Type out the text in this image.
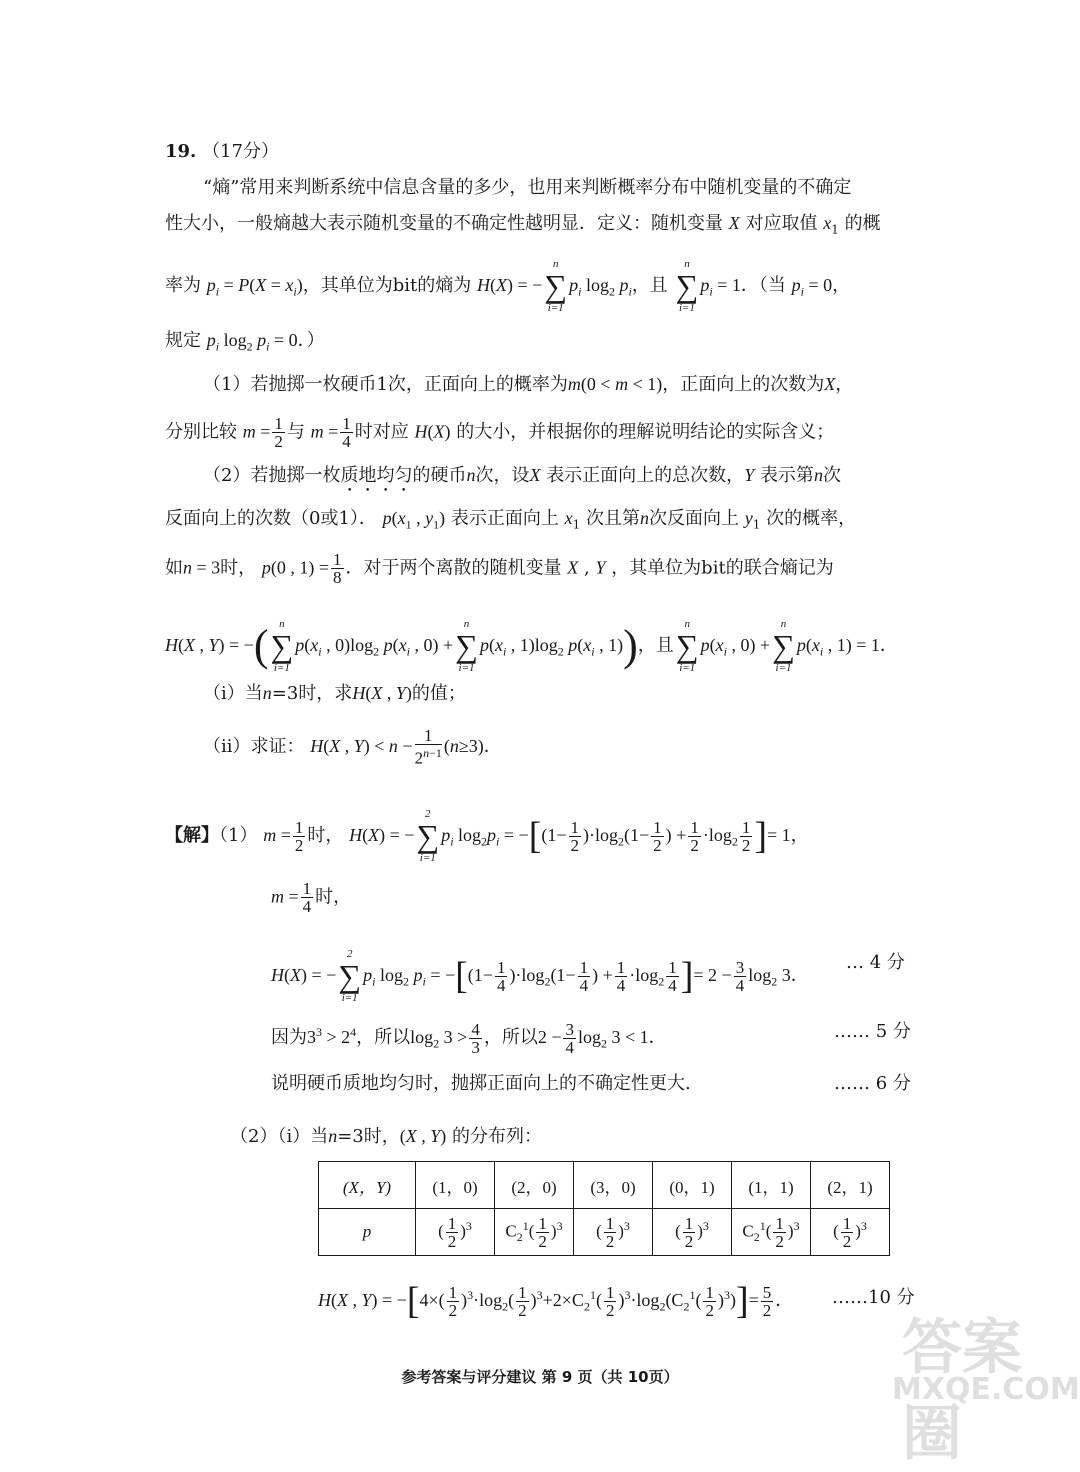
19. （17分）
“熵”常用来判断系统中信息含量的多少，也用来判断概率分布中随机变量的不确定
性大小，一般熵越大表示随机变量的不确定性越明显．定义：随机变量 X 对应取值 $x_1$ 的概
率为 $p_i = P(X = x_i)$，其单位为bit的熵为 H(X) = −
n
∑
i=1
$p_i$ $\log_2 p_i$，且
n
∑
i=1
$p_i = 1$．（当 $p_i = 0$，
规定 $p_i$ $\log_2 p_i = 0$．）
（1）若抛掷一枚硬币1次，正面向上的概率为m(0 < m < 1)，正面向上的次数为X，
分别比较 $m = \frac{1}{2}$ 与 $m = \frac{1}{4}$ 时对应 H(X) 的大小，并根据你的理解说明结论的实际含义；
（2）若抛掷一枚质地均匀的硬币n次，设X 表示正面向上的总次数，Y 表示第n次
反面向上的次数（0或1）． $p(x_1$ , $y_1$) 表示正面向上 $x_1$ 次且第n次反面向上 $y_1$ 次的概率，
如n = 3时， p(0 , $1) = \frac{1}{8}$ ．对于两个离散的随机变量 X , Y ，其单位为bit的联合熵记为
H(X , Y) = −( n
∑
i=1
$p(x_i$ , $0)\log_2$ $p(x_i$ , 0) +
n
∑
i=1
$p(x_i$ , $1)\log_2$ $p(x_i$ , 1))，且
n
∑
i=1
$p(x_i$ , 0) +
n
∑
i=1
$p(x_i$ , 1) = 1．
（i）当n=3时，求H(X , Y)的值；
（ii）求证： H(X , $Y) < n - \frac{1}{2^{n-1}} (n\ge 3)$．
【解】（1） $m = \frac{1}{2}$ 时， H(X) = −
2
∑
i=1
$p_i$ $\log_2p_i = -[(1- \frac{1}{2} )\cdot\log_2(1- \frac{1}{2}$ ) + $\frac{1}{2} \cdot\log_2 \frac{1}{2}$ ]= 1，
$m = \frac{1}{4}$ 时，
H(X) = −
2
∑
i=1
$p_i$ $\log_2 p_i = -[(1- \frac{1}{4} )\cdot\log_2(1- \frac{1}{4}$ ) + $\frac{1}{4} \cdot\log_2 \frac{1}{4}$ ]= $2 - \frac{3}{4} \log_2 3$．
… 4 分
因为$3^3 > 2^4$，所以$\log_2 3 > \frac{4}{3}$ ，所以$2 - \frac{3}{4} \log_2 3 < 1$．	…… 5 分
说明硬币质地均匀时，抛掷正面向上的不确定性更大.	…… 6 分
（2）（i）当n=3时，(X , Y) 的分布列：
(X，Y)	(1，0)	(2，0)	(3，0)	(0，1)	(1，1)	(2，1)
p	( $\frac{1}{2} )^3$	$C_2^1( \frac{1}{2} )^3$	( $\frac{1}{2} )^3$	( $\frac{1}{2} )^3$	$C_2^1( \frac{1}{2} )^3$	( $\frac{1}{2} )^3$
H(X , $Y) = -[4\times( \frac{1}{2} )^3\cdot\log_2( \frac{1}{2} )^3+2\times C_2^1( \frac{1}{2} )^3\cdot\log_2(C_2^1( \frac{1}{2} )^3)]= \frac{5}{2}$ ． ……10 分
答案圈
MXQE.COM
参考答案与评分建议 第 9 页（共 10页）
